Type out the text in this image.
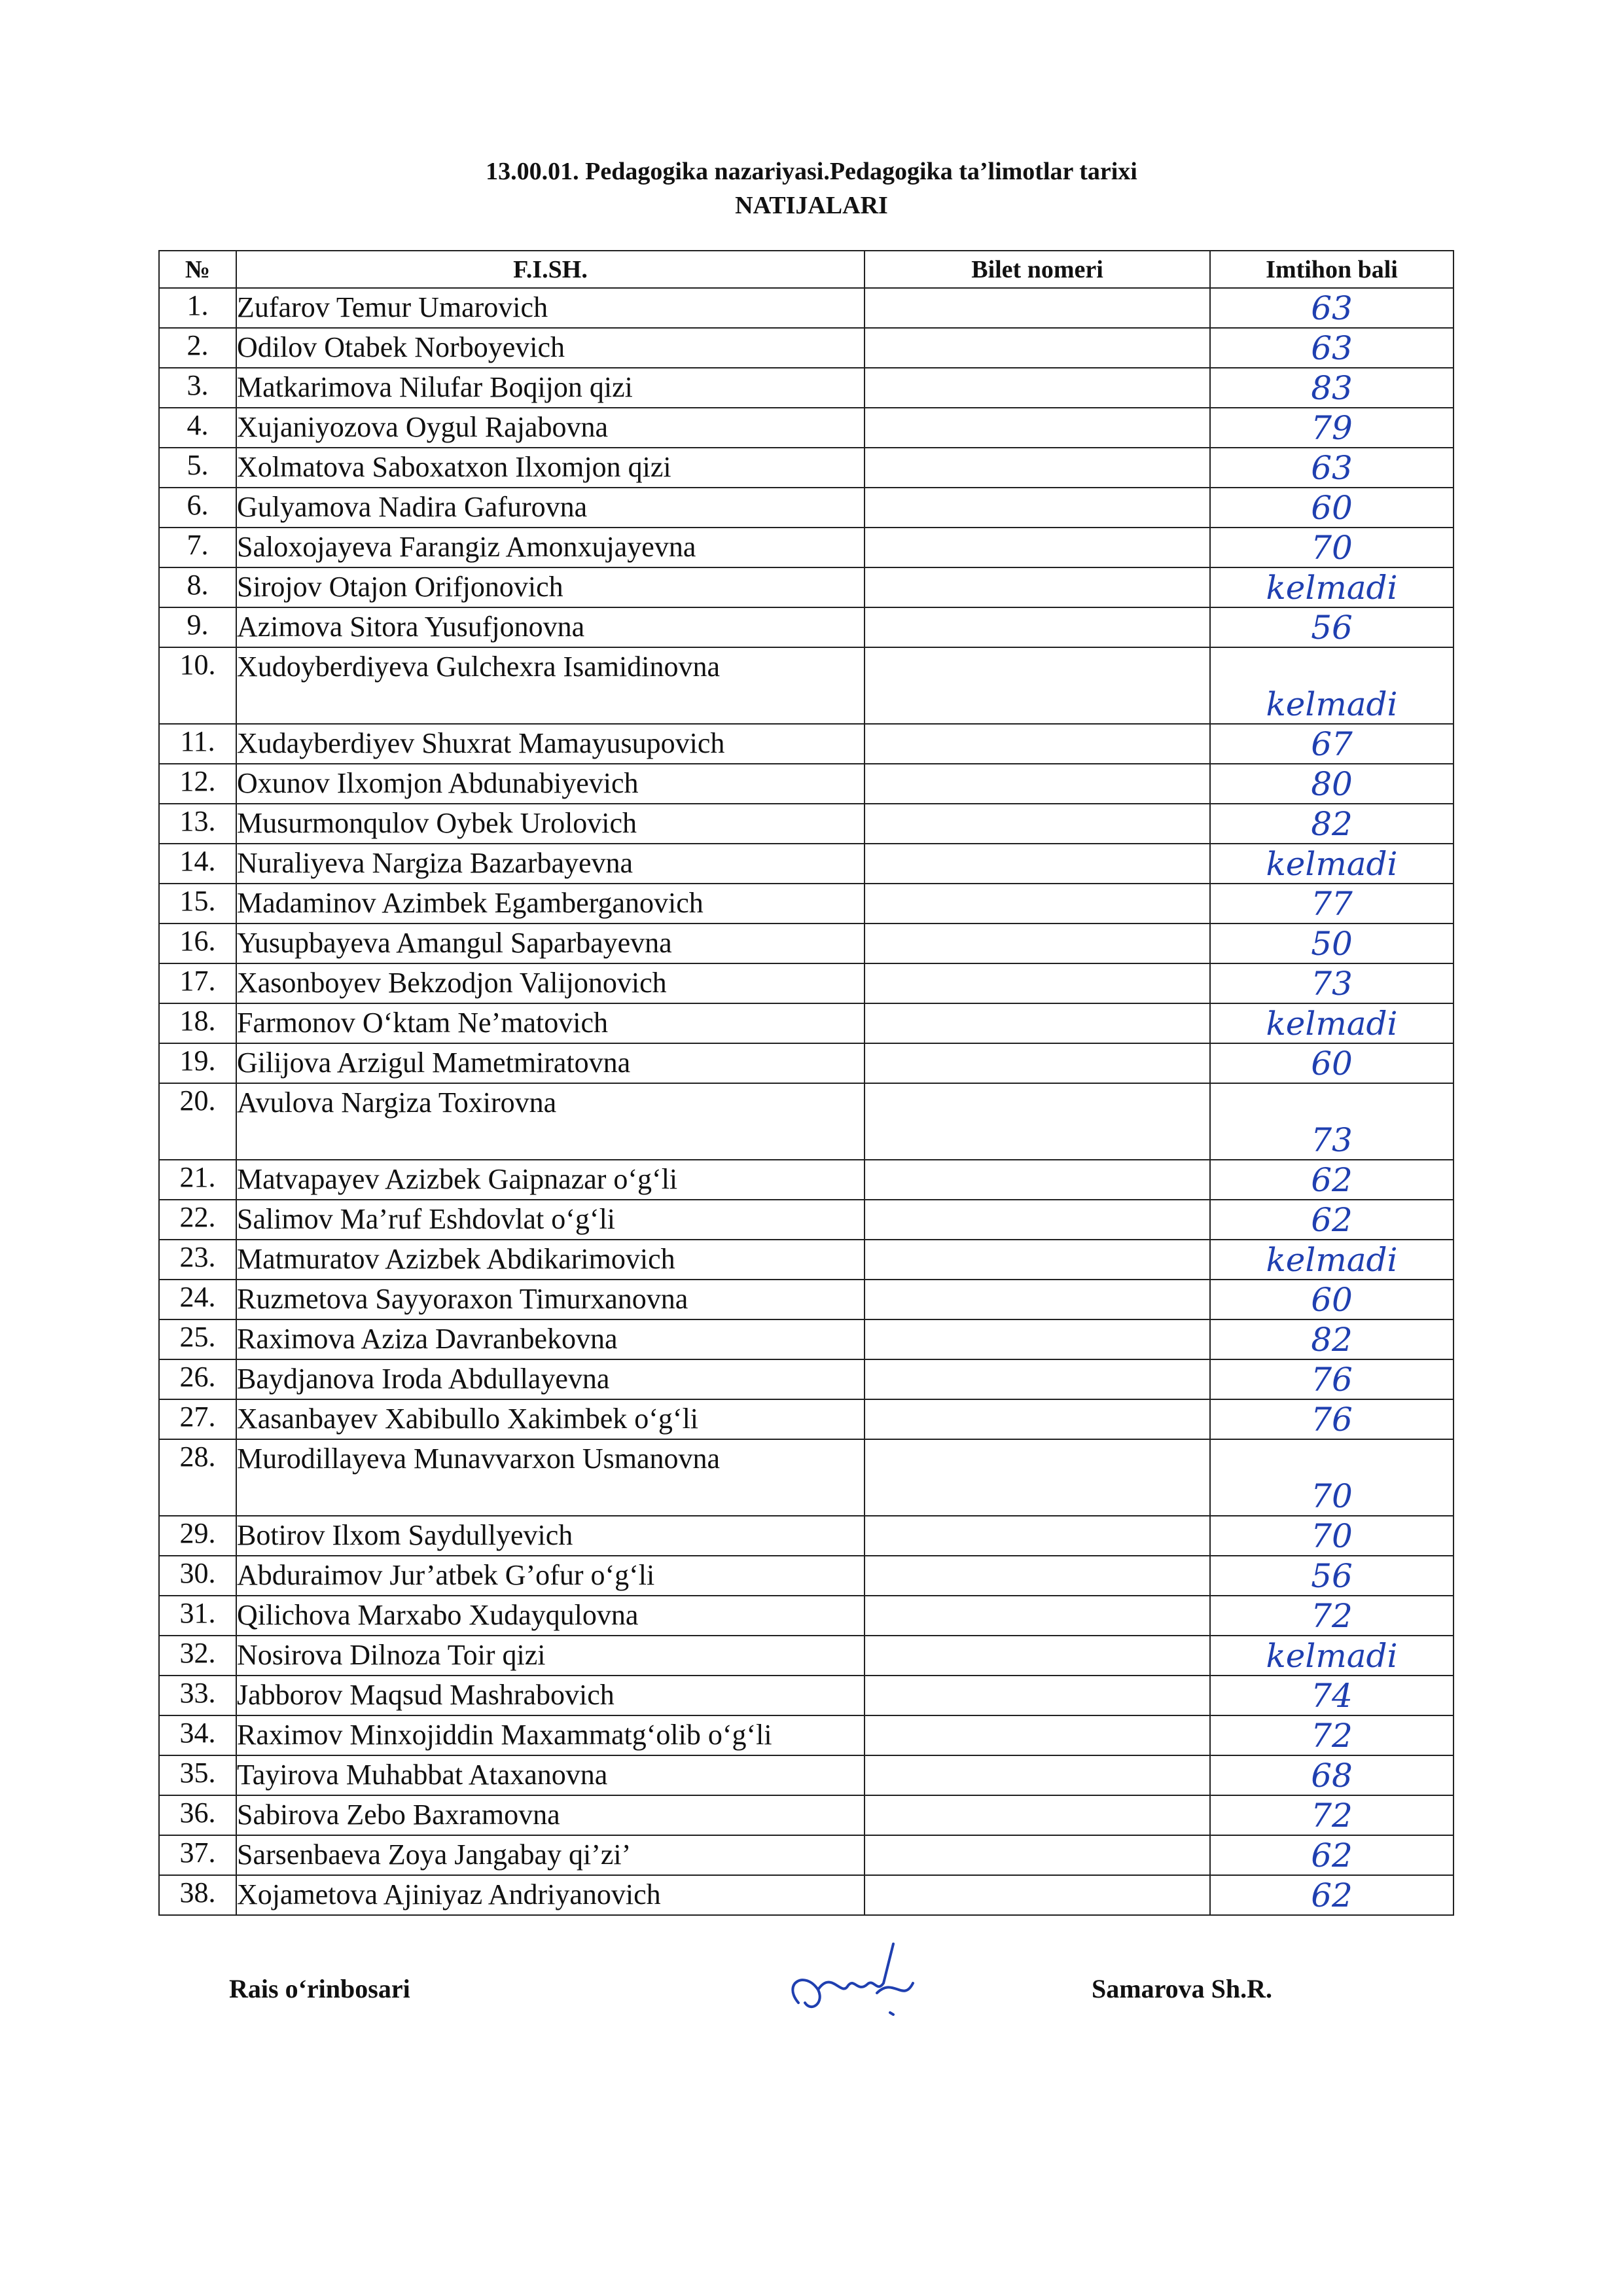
13.00.01. Pedagogika nazariyasi.Pedagogika ta’limotlar tarixi
NATIJALARI
№	F.I.SH.	Bilet nomeri	Imtihon bali
1.	Zufarov Temur Umarovich		63
2.	Odilov Otabek Norboyevich		63
3.	Matkarimova Nilufar Boqijon qizi		83
4.	Xujaniyozova Oygul Rajabovna		79
5.	Xolmatova Saboxatxon Ilxomjon qizi		63
6.	Gulyamova Nadira Gafurovna		60
7.	Saloxojayeva Farangiz Amonxujayevna		70
8.	Sirojov Otajon Orifjonovich		kelmadi
9.	Azimova Sitora Yusufjonovna		56
10.	Xudoyberdiyeva Gulchexra Isamidinovna		kelmadi
11.	Xudayberdiyev Shuxrat Mamayusupovich		67
12.	Oxunov Ilxomjon Abdunabiyevich		80
13.	Musurmonqulov Oybek Urolovich		82
14.	Nuraliyeva Nargiza Bazarbayevna		kelmadi
15.	Madaminov Azimbek Egamberganovich		77
16.	Yusupbayeva Amangul Saparbayevna		50
17.	Xasonboyev Bekzodjon Valijonovich		73
18.	Farmonov O‘ktam Ne’matovich		kelmadi
19.	Gilijova Arzigul Mametmiratovna		60
20.	Avulova Nargiza Toxirovna		73
21.	Matvapayev Azizbek Gaipnazar o‘g‘li		62
22.	Salimov Ma’ruf Eshdovlat o‘g‘li		62
23.	Matmuratov Azizbek Abdikarimovich		kelmadi
24.	Ruzmetova Sayyoraxon Timurxanovna		60
25.	Raximova Aziza Davranbekovna		82
26.	Baydjanova Iroda Abdullayevna		76
27.	Xasanbayev Xabibullo Xakimbek o‘g‘li		76
28.	Murodillayeva Munavvarxon Usmanovna		70
29.	Botirov Ilxom Saydullyevich		70
30.	Abduraimov Jur’atbek G’ofur o‘g‘li		56
31.	Qilichova Marxabo Xudayqulovna		72
32.	Nosirova Dilnoza Toir qizi		kelmadi
33.	Jabborov Maqsud Mashrabovich		74
34.	Raximov Minxojiddin Maxammatg‘olib o‘g‘li		72
35.	Tayirova Muhabbat Ataxanovna		68
36.	Sabirova Zebo Baxramovna		72
37.	Sarsenbaeva Zoya Jangabay qi’zi’		62
38.	Xojametova Ajiniyaz Andriyanovich		62
Rais o‘rinbosari	Samarova Sh.R.
